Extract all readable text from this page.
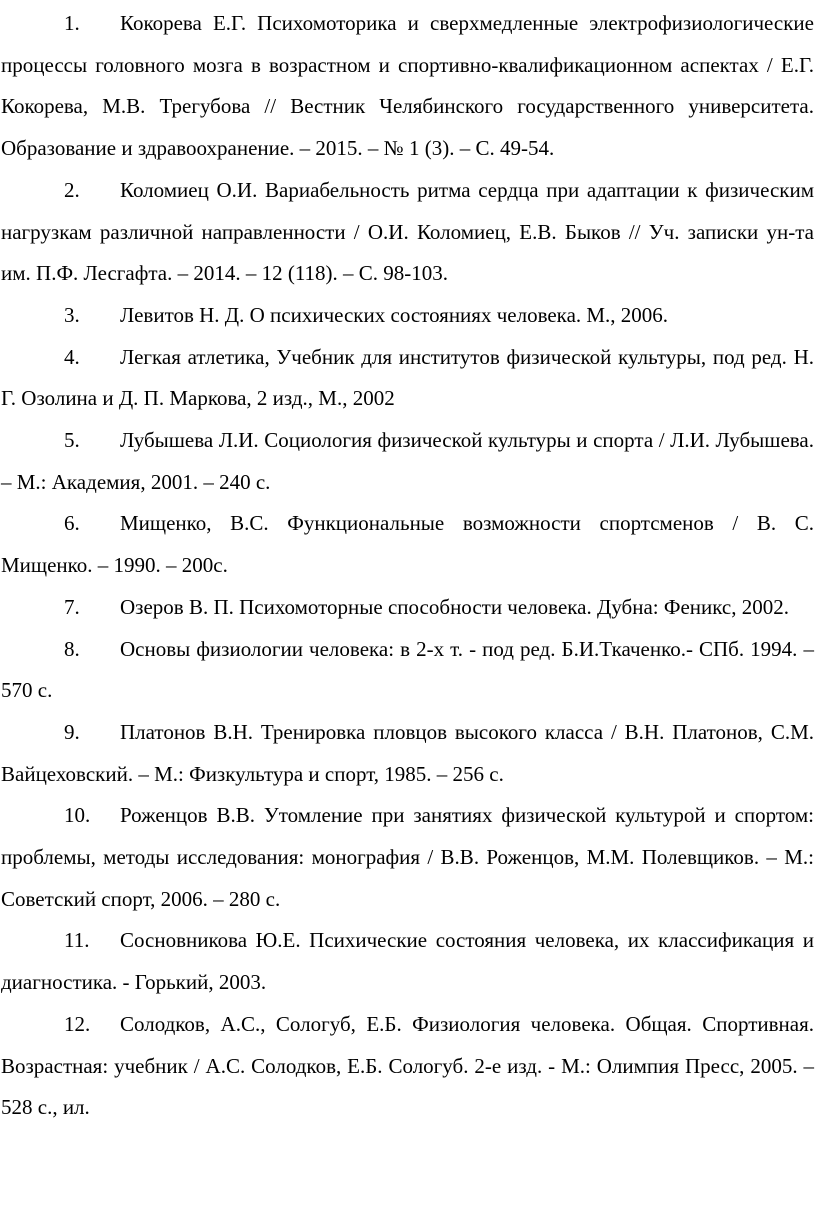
1. Кокорева Е.Г. Психомоторика и сверхмедленные электрофизиологические процессы головного мозга в возрастном и спортивно-квалификационном аспектах / Е.Г. Кокорева, М.В. Трегубова // Вестник Челябинского государственного университета. Образование и здравоохранение. – 2015. – № 1 (3). – С. 49-54.

2. Коломиец О.И. Вариабельность ритма сердца при адаптации к физическим нагрузкам различной направленности / О.И. Коломиец, Е.В. Быков // Уч. записки ун-та им. П.Ф. Лесгафта. – 2014. – 12 (118). – С. 98-103.

3. Левитов Н. Д. О психических состояниях человека. М., 2006.

4. Легкая атлетика, Учебник для институтов физической культуры, под ред. Н. Г. Озолина и Д. П. Маркова, 2 изд., М., 2002

5. Лубышева Л.И. Социология физической культуры и спорта / Л.И. Лубышева. – М.: Академия, 2001. – 240 с.

6. Мищенко, В.С. Функциональные возможности спортсменов / В. С. Мищенко. – 1990. – 200с.

7. Озеров В. П. Психомоторные способности человека. Дубна: Феникс, 2002.

8. Основы физиологии человека: в 2-х т. - под ред. Б.И.Ткаченко.- СПб. 1994. – 570 с.

9. Платонов В.Н. Тренировка пловцов высокого класса / В.Н. Платонов, С.М. Вайцеховский. – М.: Физкультура и спорт, 1985. – 256 с.

10. Роженцов В.В. Утомление при занятиях физической культурой и спортом: проблемы, методы исследования: монография / В.В. Роженцов, М.М. Полевщиков. – М.: Советский спорт, 2006. – 280 с.

11. Сосновникова Ю.Е. Психические состояния человека, их классификация и диагностика. - Горький, 2003.

12. Солодков, А.С., Сологуб, Е.Б. Физиология человека. Общая. Спортивная. Возрастная: учебник / А.С. Солодков, Е.Б. Сологуб. 2-е изд. - М.: Олимпия Пресс, 2005. – 528 с., ил.
